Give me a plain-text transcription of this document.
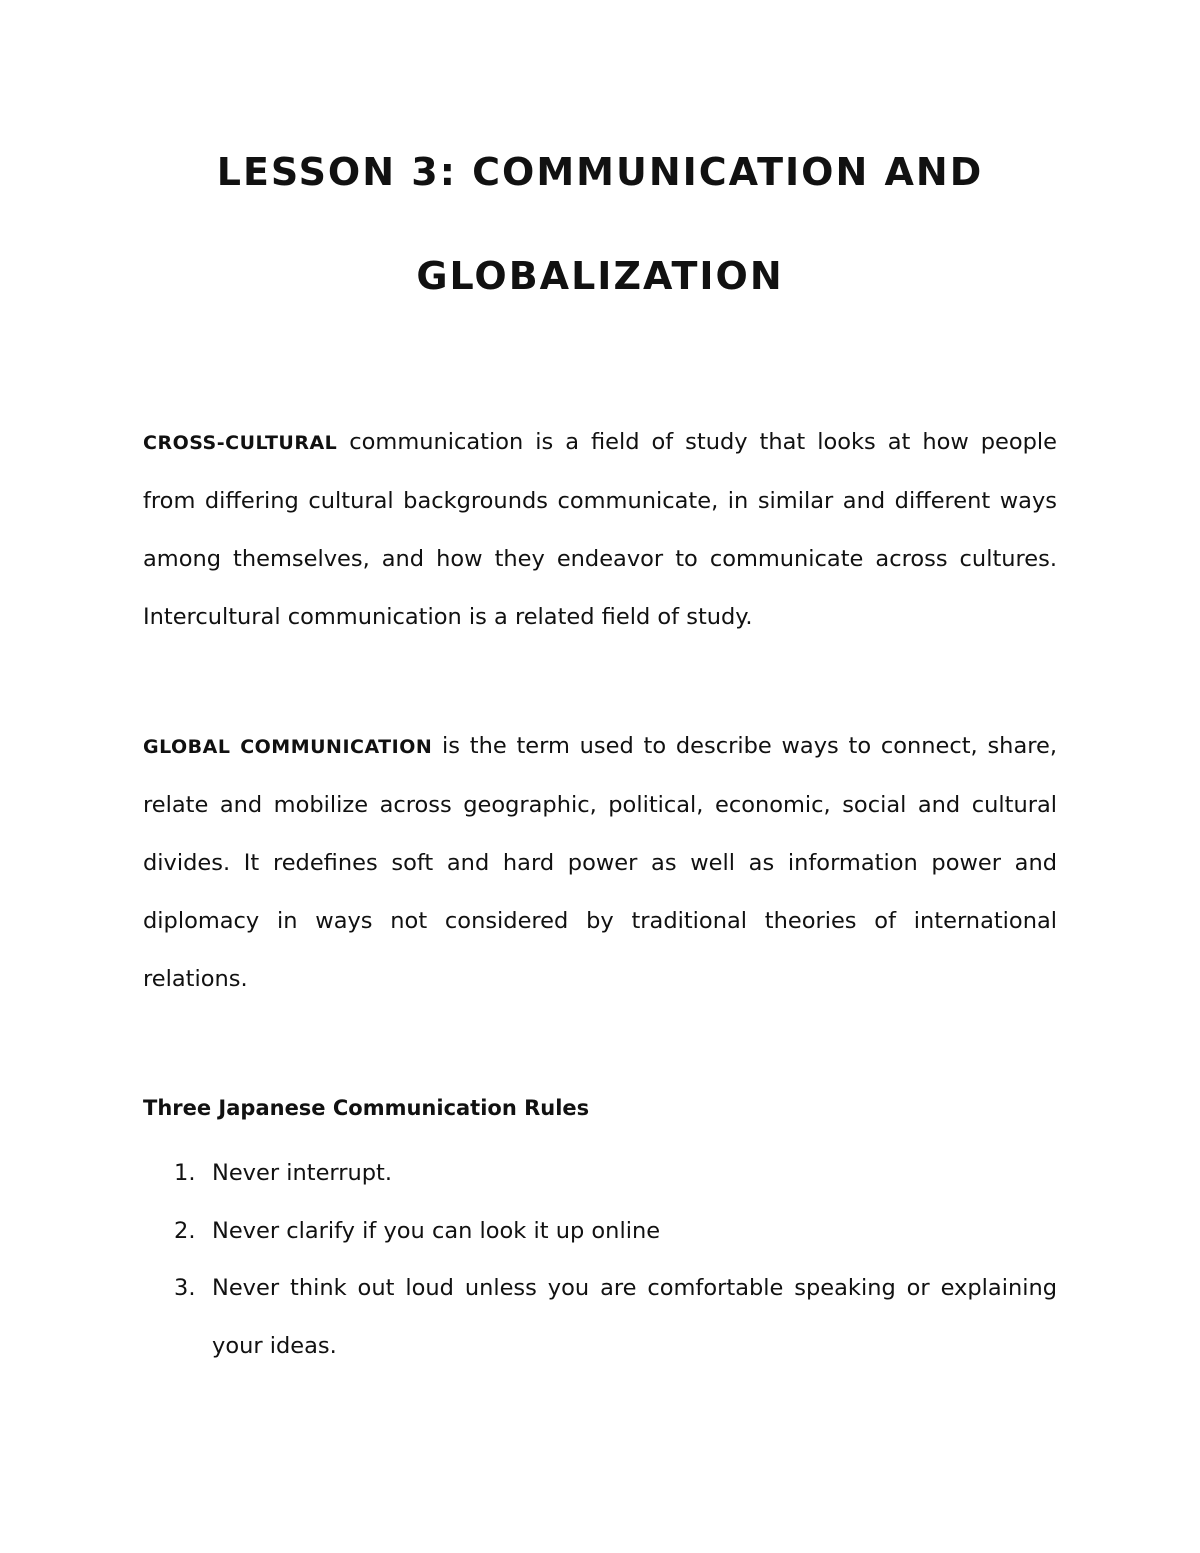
LESSON 3: COMMUNICATION AND
GLOBALIZATION

CROSS-CULTURAL communication is a field of study that looks at how people from differing cultural backgrounds communicate, in similar and different ways among themselves, and how they endeavor to communicate across cultures. Intercultural communication is a related field of study.

GLOBAL COMMUNICATION is the term used to describe ways to connect, share, relate and mobilize across geographic, political, economic, social and cultural divides. It redefines soft and hard power as well as information power and diplomacy in ways not considered by traditional theories of international relations.

Three Japanese Communication Rules
1. Never interrupt.
2. Never clarify if you can look it up online
3. Never think out loud unless you are comfortable speaking or explaining your ideas.
